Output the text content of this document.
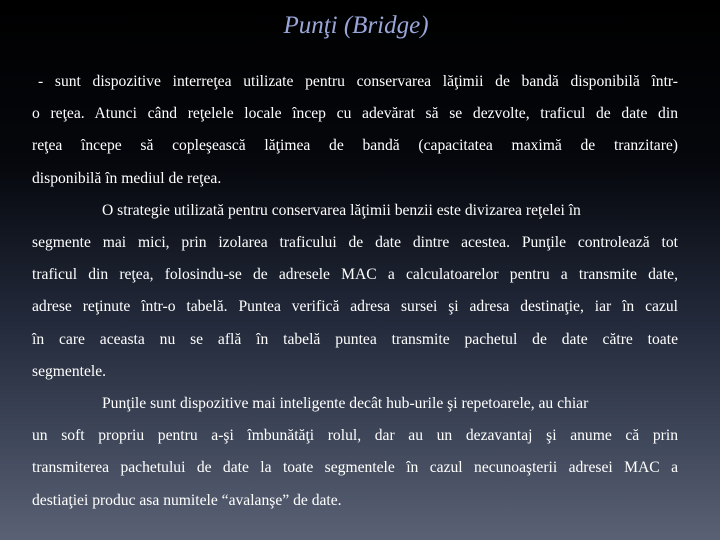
Punţi (Bridge)
- sunt dispozitive interreţea utilizate pentru conservarea lăţimii de bandă disponibilă într-
o reţea. Atunci când reţelele locale încep cu adevărat să se dezvolte, traficul de date din
reţea începe să copleşească lăţimea de bandă (capacitatea maximă de tranzitare)
disponibilă în mediul de reţea.
O strategie utilizată pentru conservarea lăţimii benzii este divizarea reţelei în
segmente mai mici, prin izolarea traficului de date dintre acestea. Punţile controlează tot
traficul din reţea, folosindu-se de adresele MAC a calculatoarelor pentru a transmite date,
adrese reţinute într-o tabelă. Puntea verifică adresa sursei şi adresa destinaţie, iar în cazul
în care aceasta nu se află în tabelă puntea transmite pachetul de date către toate
segmentele.
Punţile sunt dispozitive mai inteligente decât hub-urile şi repetoarele, au chiar
un soft propriu pentru a-şi îmbunătăţi rolul, dar au un dezavantaj şi anume că prin
transmiterea pachetului de date la toate segmentele în cazul necunoaşterii adresei MAC a
destiaţiei produc asa numitele “avalanşe” de date.
